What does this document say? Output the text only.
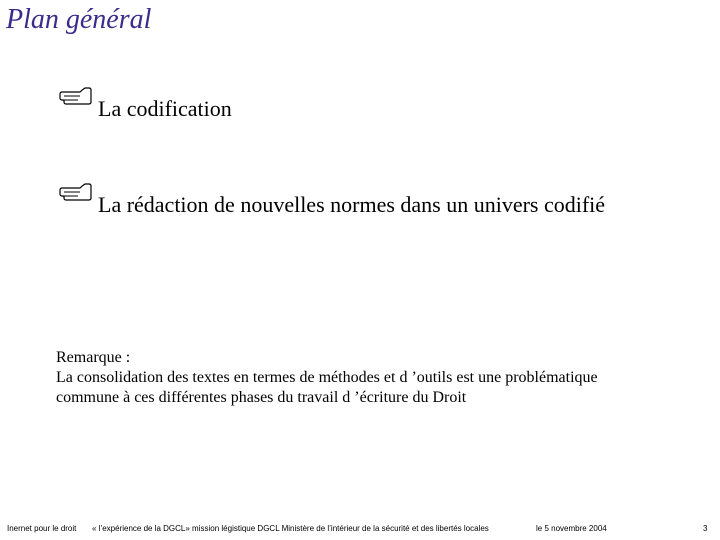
Plan général
La codification
La rédaction de nouvelles normes dans un univers codifié
Remarque :
La consolidation des textes en termes de méthodes et d ’outils est une problématique
commune à ces différentes phases du travail d ’écriture du Droit
Inernet pour le droit « l’expérience de la DGCL» mission légistique DGCL Ministère de l’intérieur de la sécurité et des libertés locales	le 5 novembre 2004	3
